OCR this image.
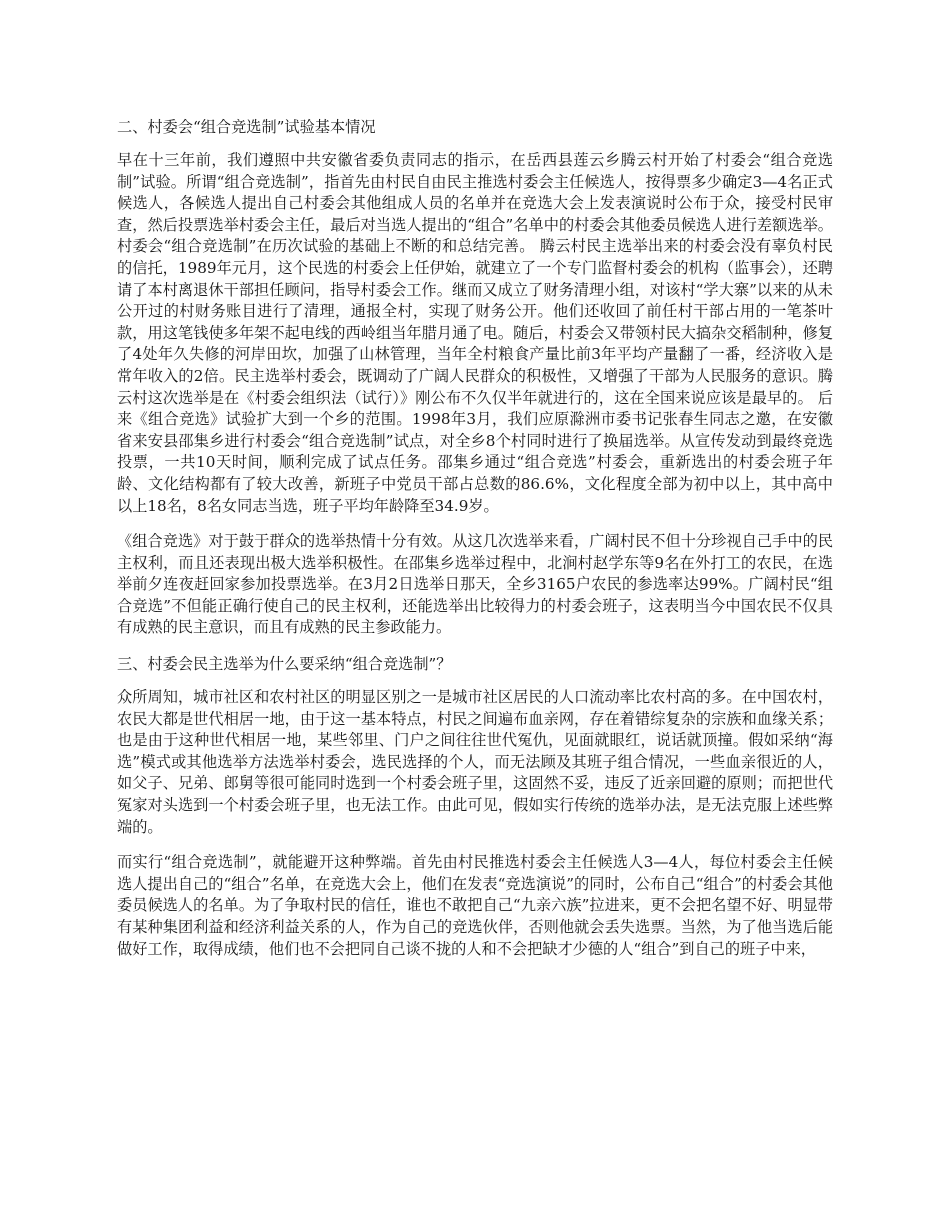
二、村委会“组合竞选制”试验基本情况

早在十三年前，我们遵照中共安徽省委负责同志的指示，在岳西县莲云乡腾云村开始了村委会“组合竞选制”试验。所谓“组合竞选制”，指首先由村民自由民主推选村委会主任候选人，按得票多少确定3—4名正式候选人，各候选人提出自己村委会其他组成人员的名单并在竞选大会上发表演说时公布于众，接受村民审查，然后投票选举村委会主任，最后对当选人提出的“组合”名单中的村委会其他委员候选人进行差额选举。村委会“组合竞选制”在历次试验的基础上不断的和总结完善。 腾云村民主选举出来的村委会没有辜负村民的信托，1989年元月，这个民选的村委会上任伊始，就建立了一个专门监督村委会的机构（监事会），还聘请了本村离退休干部担任顾问，指导村委会工作。继而又成立了财务清理小组，对该村“学大寨”以来的从未公开过的村财务账目进行了清理，通报全村，实现了财务公开。他们还收回了前任村干部占用的一笔茶叶款，用这笔钱使多年架不起电线的西岭组当年腊月通了电。随后，村委会又带领村民大搞杂交稻制种，修复了4处年久失修的河岸田坎，加强了山林管理，当年全村粮食产量比前3年平均产量翻了一番，经济收入是常年收入的2倍。民主选举村委会，既调动了广阔人民群众的积极性，又增强了干部为人民服务的意识。腾云村这次选举是在《村委会组织法（试行）》刚公布不久仅半年就进行的，这在全国来说应该是最早的。 后来《组合竞选》试验扩大到一个乡的范围。1998年3月，我们应原滁洲市委书记张春生同志之邀，在安徽省来安县邵集乡进行村委会“组合竞选制”试点，对全乡8个村同时进行了换届选举。从宣传发动到最终竞选投票，一共10天时间，顺利完成了试点任务。邵集乡通过“组合竞选”村委会，重新选出的村委会班子年龄、文化结构都有了较大改善，新班子中党员干部占总数的86.6%，文化程度全部为初中以上，其中高中以上18名，8名女同志当选，班子平均年龄降至34.9岁。

《组合竞选》对于鼓于群众的选举热情十分有效。从这几次选举来看，广阔村民不但十分珍视自己手中的民主权利，而且还表现出极大选举积极性。在邵集乡选举过程中，北涧村赵学东等9名在外打工的农民，在选举前夕连夜赶回家参加投票选举。在3月2日选举日那天，全乡3165户农民的参选率达99%。广阔村民“组合竞选”不但能正确行使自己的民主权利，还能选举出比较得力的村委会班子，这表明当今中国农民不仅具有成熟的民主意识，而且有成熟的民主参政能力。

三、村委会民主选举为什么要采纳“组合竞选制”？

众所周知，城市社区和农村社区的明显区别之一是城市社区居民的人口流动率比农村高的多。在中国农村，农民大都是世代相居一地，由于这一基本特点，村民之间遍布血亲网，存在着错综复杂的宗族和血缘关系；也是由于这种世代相居一地，某些邻里、门户之间往往世代冤仇，见面就眼红，说话就顶撞。假如采纳“海选”模式或其他选举方法选举村委会，选民选择的个人，而无法顾及其班子组合情况，一些血亲很近的人，如父子、兄弟、郎舅等很可能同时选到一个村委会班子里，这固然不妥，违反了近亲回避的原则；而把世代冤家对头选到一个村委会班子里，也无法工作。由此可见，假如实行传统的选举办法，是无法克服上述些弊端的。

而实行“组合竞选制”，就能避开这种弊端。首先由村民推选村委会主任候选人3—4人，每位村委会主任候选人提出自己的“组合”名单，在竞选大会上，他们在发表“竞选演说”的同时，公布自己“组合”的村委会其他委员候选人的名单。为了争取村民的信任，谁也不敢把自己“九亲六族”拉进来，更不会把名望不好、明显带有某种集团利益和经济利益关系的人，作为自己的竞选伙伴，否则他就会丢失选票。当然，为了他当选后能做好工作，取得成绩，他们也不会把同自己谈不拢的人和不会把缺才少德的人“组合”到自己的班子中来，
